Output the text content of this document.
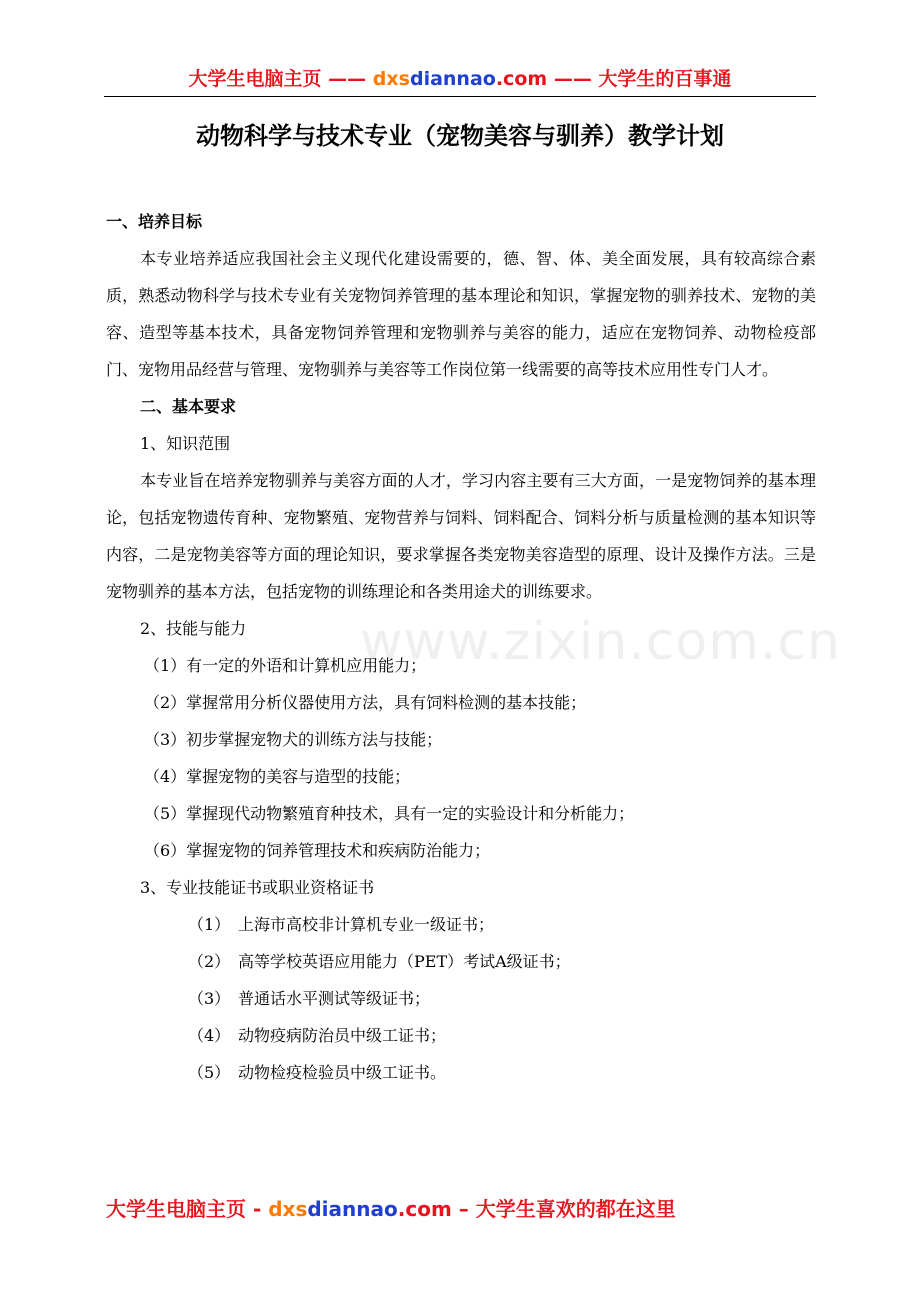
大学生电脑主页 —— dxsdiannao.com —— 大学生的百事通
动物科学与技术专业（宠物美容与驯养）教学计划
www.zixin.com.cn

一、培养目标

本专业培养适应我国社会主义现代化建设需要的，德、智、体、美全面发展，具有较高综合素质，熟悉动物科学与技术专业有关宠物饲养管理的基本理论和知识，掌握宠物的驯养技术、宠物的美容、造型等基本技术，具备宠物饲养管理和宠物驯养与美容的能力，适应在宠物饲养、动物检疫部门、宠物用品经营与管理、宠物驯养与美容等工作岗位第一线需要的高等技术应用性专门人才。

二、基本要求

1、知识范围

本专业旨在培养宠物驯养与美容方面的人才，学习内容主要有三大方面，一是宠物饲养的基本理论，包括宠物遗传育种、宠物繁殖、宠物营养与饲料、饲料配合、饲料分析与质量检测的基本知识等内容，二是宠物美容等方面的理论知识，要求掌握各类宠物美容造型的原理、设计及操作方法。三是宠物驯养的基本方法，包括宠物的训练理论和各类用途犬的训练要求。

2、技能与能力

（1）有一定的外语和计算机应用能力；

（2）掌握常用分析仪器使用方法，具有饲料检测的基本技能；

（3）初步掌握宠物犬的训练方法与技能；

（4）掌握宠物的美容与造型的技能；

（5）掌握现代动物繁殖育种技术，具有一定的实验设计和分析能力；

（6）掌握宠物的饲养管理技术和疾病防治能力；

3、专业技能证书或职业资格证书

（1） 上海市高校非计算机专业一级证书；

（2） 高等学校英语应用能力（PET）考试A级证书；

（3） 普通话水平测试等级证书；

（4） 动物疫病防治员中级工证书；

（5） 动物检疫检验员中级工证书。

大学生电脑主页 - dxsdiannao.com – 大学生喜欢的都在这里
